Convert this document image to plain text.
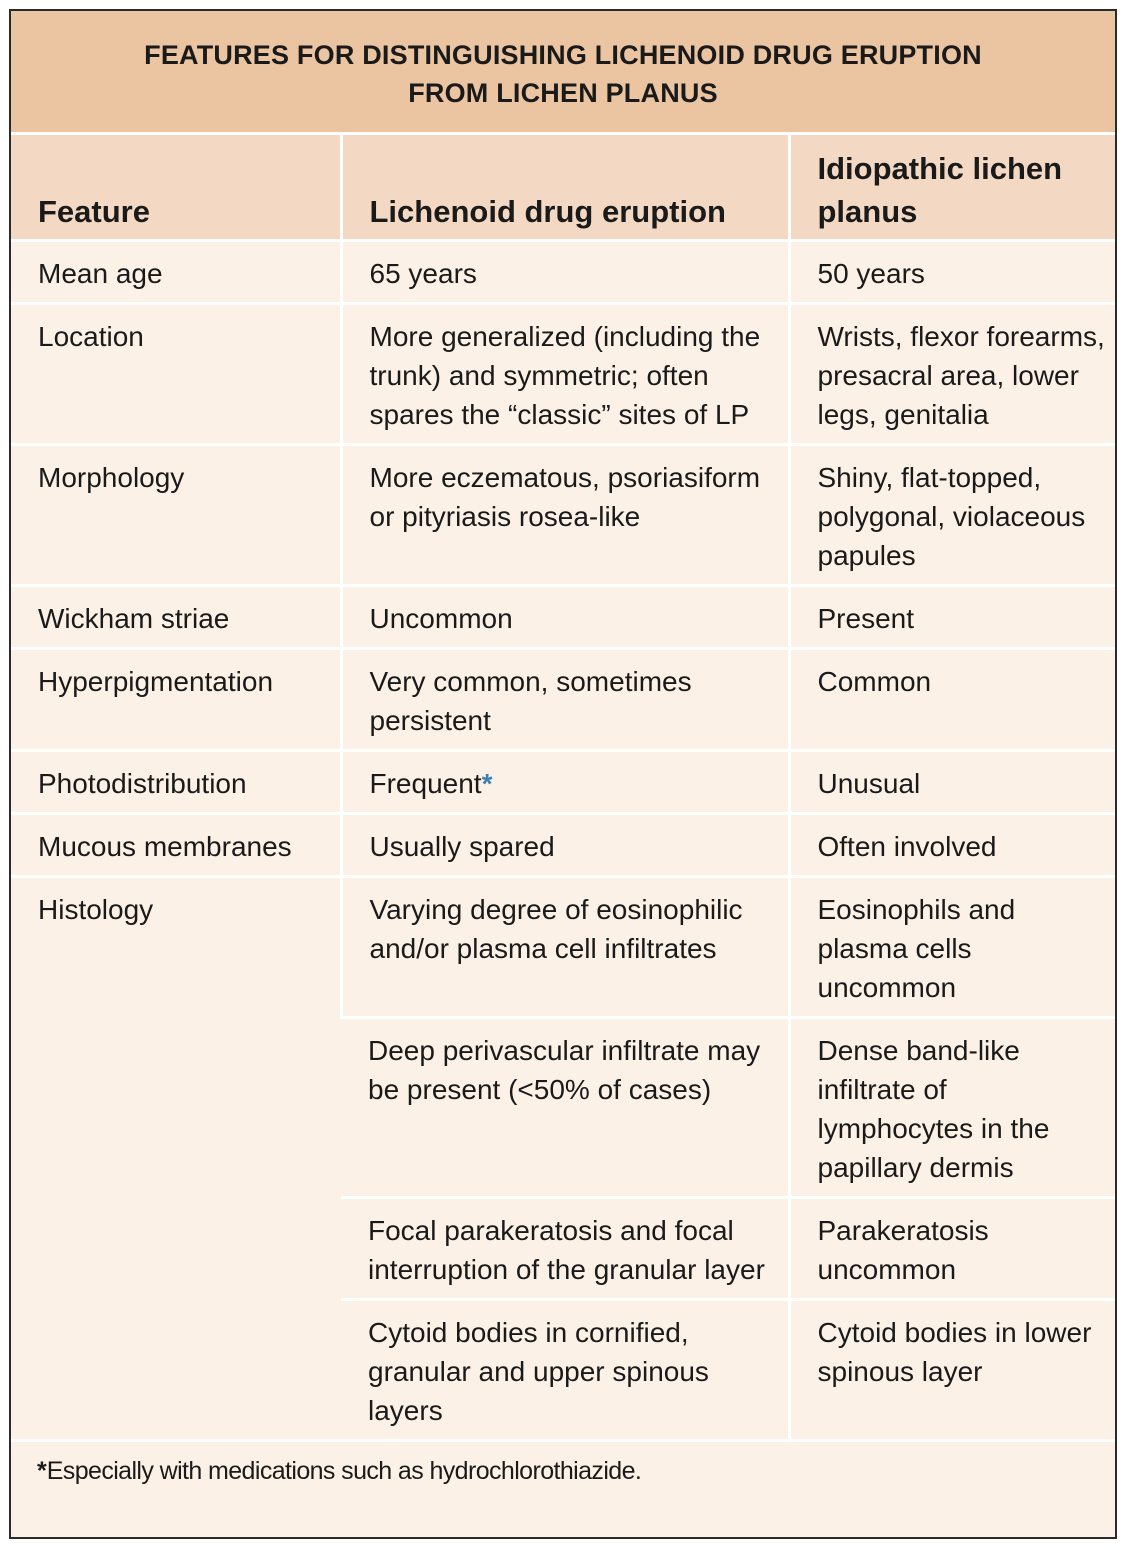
FEATURES FOR DISTINGUISHING LICHENOID DRUG ERUPTION
FROM LICHEN PLANUS
Feature	Lichenoid drug eruption	Idiopathic lichen planus
Mean age	65 years	50 years
Location	More generalized (including the trunk) and symmetric; often spares the “classic” sites of LP	Wrists, flexor forearms, presacral area, lower legs, genitalia
Morphology	More eczematous, psoriasiform or pityriasis rosea-like	Shiny, flat-topped, polygonal, violaceous papules
Wickham striae	Uncommon	Present
Hyperpigmentation	Very common, sometimes persistent	Common
Photodistribution	Frequent*	Unusual
Mucous membranes	Usually spared	Often involved
Histology	Varying degree of eosinophilic and/or plasma cell infiltrates	Eosinophils and plasma cells uncommon
	Deep perivascular infiltrate may be present (<50% of cases)	Dense band-like infiltrate of lymphocytes in the papillary dermis
	Focal parakeratosis and focal interruption of the granular layer	Parakeratosis uncommon
	Cytoid bodies in cornified, granular and upper spinous layers	Cytoid bodies in lower spinous layer
*Especially with medications such as hydrochlorothiazide.
